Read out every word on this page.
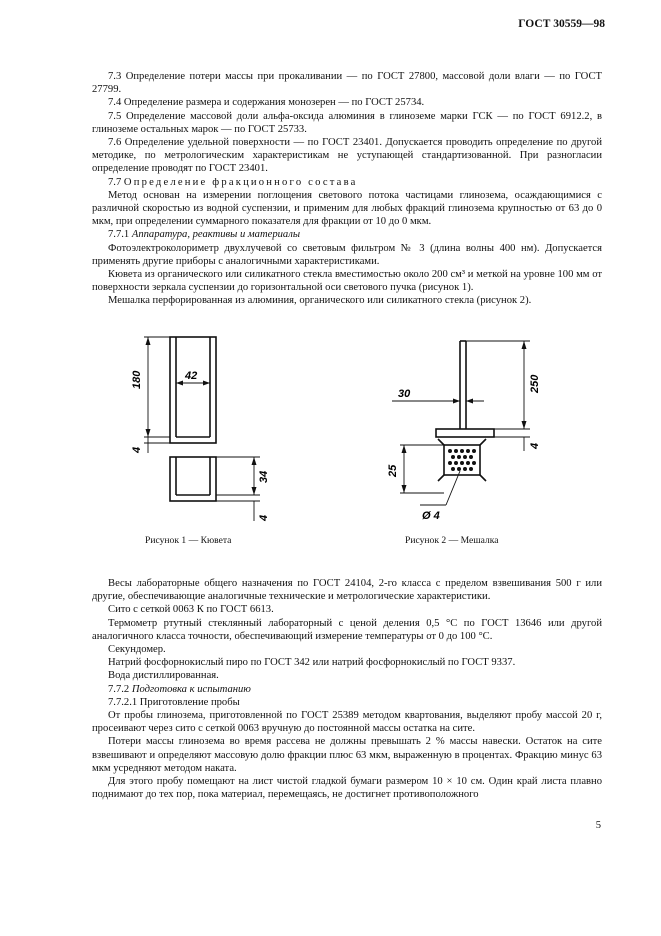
ГОСТ 30559—98

7.3 Определение потери массы при прокаливании — по ГОСТ 27800, массовой доли влаги — по ГОСТ 27799.

7.4 Определение размера и содержания монозерен — по ГОСТ 25734.

7.5 Определение массовой доли альфа-оксида алюминия в глиноземе марки ГСК — по ГОСТ 6912.2, в глиноземе остальных марок — по ГОСТ 25733.

7.6 Определение удельной поверхности — по ГОСТ 23401. Допускается проводить определение по другой методике, по метрологическим характеристикам не уступающей стандартизованной. При разногласии определение проводят по ГОСТ 23401.

7.7 Определение фракционного состава

Метод основан на измерении поглощения светового потока частицами глинозема, осаждающимися с различной скоростью из водной суспензии, и применим для любых фракций глинозема крупностью от 63 до 0 мкм, при определении суммарного показателя для фракции от 10 до 0 мкм.

7.7.1 Аппаратура, реактивы и материалы

Фотоэлектроколориметр двухлучевой со световым фильтром № 3 (длина волны 400 нм). Допускается применять другие приборы с аналогичными характеристиками.

Кювета из органического или силикатного стекла вместимостью около 200 см³ и меткой на уровне 100 мм от поверхности зеркала суспензии до горизонтальной оси светового пучка (рисунок 1).

Мешалка перфорированная из алюминия, органического или силикатного стекла (рисунок 2).

180
4
42
34
4
30
250
4
25
Ø 4
Рисунок 1 — Кювета	Рисунок 2 — Мешалка

Весы лабораторные общего назначения по ГОСТ 24104, 2-го класса с пределом взвешивания 500 г или другие, обеспечивающие аналогичные технические и метрологические характеристики.

Сито с сеткой 0063 К по ГОСТ 6613.

Термометр ртутный стеклянный лабораторный с ценой деления 0,5 °С по ГОСТ 13646 или другой аналогичного класса точности, обеспечивающий измерение температуры от 0 до 100 °С.

Секундомер.

Натрий фосфорнокислый пиро по ГОСТ 342 или натрий фосфорнокислый по ГОСТ 9337.

Вода дистиллированная.

7.7.2 Подготовка к испытанию

7.7.2.1 Приготовление пробы

От пробы глинозема, приготовленной по ГОСТ 25389 методом квартования, выделяют пробу массой 20 г, просеивают через сито с сеткой 0063 вручную до постоянной массы остатка на сите.

Потери массы глинозема во время рассева не должны превышать 2 % массы навески. Остаток на сите взвешивают и определяют массовую долю фракции плюс 63 мкм, выраженную в процентах. Фракцию минус 63 мкм усредняют методом наката.

Для этого пробу помещают на лист чистой гладкой бумаги размером 10 × 10 см. Один край листа плавно поднимают до тех пор, пока материал, перемещаясь, не достигнет противоположного

5
